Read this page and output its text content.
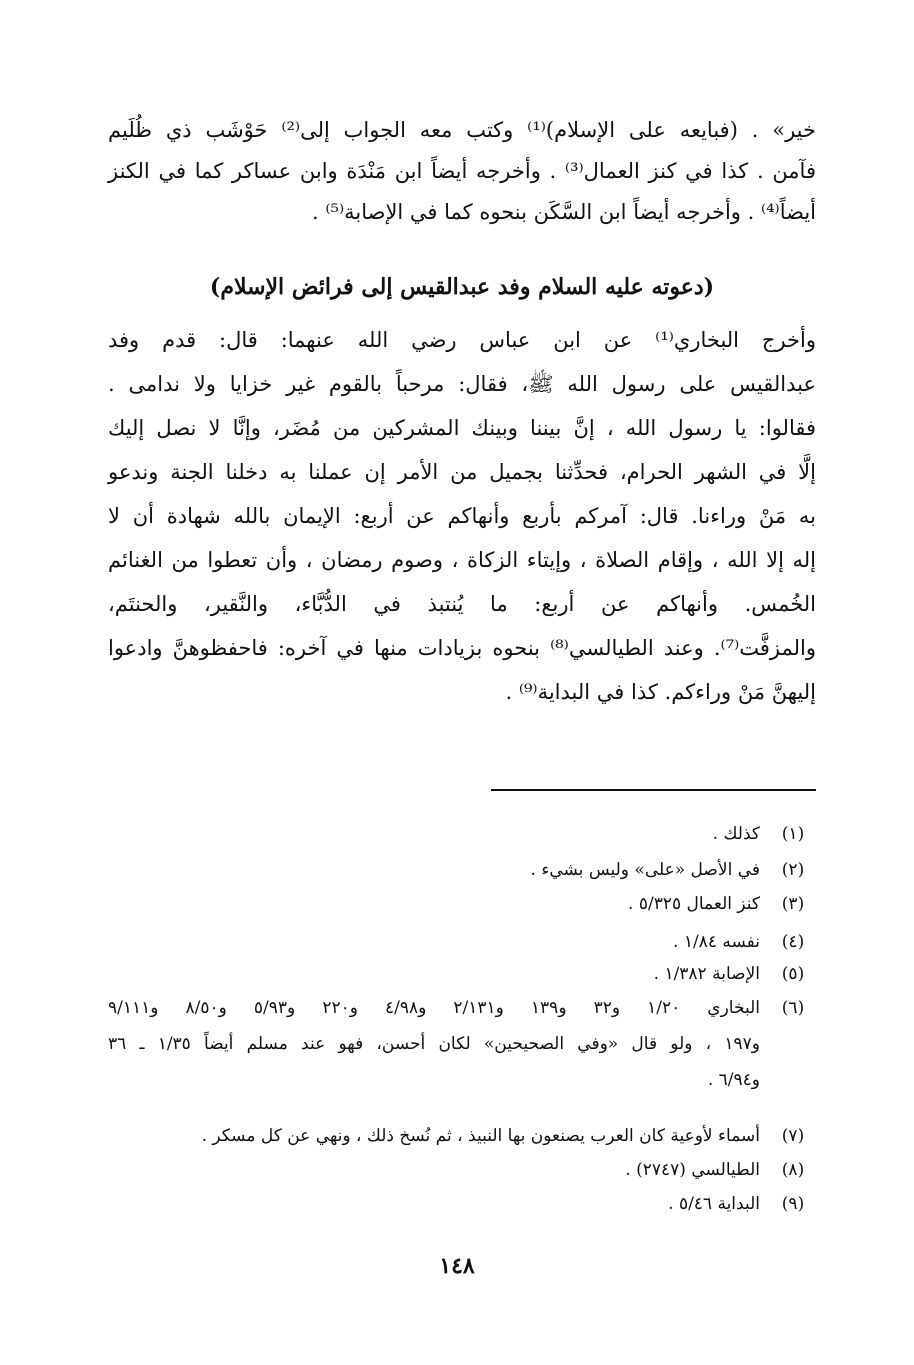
خير» . (فبايعه على الإسلام)⁽¹⁾ وكتب معه الجواب إلى⁽²⁾ حَوْشَب ذي ظُلَيم
فآمن . كذا في كنز العمال⁽³⁾ . وأخرجه أيضاً ابن مَنْدَة وابن عساكر كما في الكنز
أيضاً⁽⁴⁾ . وأخرجه أيضاً ابن السَّكَن بنحوه كما في الإصابة⁽⁵⁾ .
(دعوته عليه السلام وفد عبدالقيس إلى فرائض الإسلام)
وأخرج البخاري⁽¹⁾ عن ابن عباس رضي الله عنهما: قال: قدم وفد
عبدالقيس على رسول الله ﷺ، فقال: مرحباً بالقوم غير خزايا ولا ندامى .
فقالوا: يا رسول الله ، إنَّ بيننا وبينك المشركين من مُضَر، وإنَّا لا نصل إليك
إلَّا في الشهر الحرام، فحدِّثنا بجميل من الأمر إن عملنا به دخلنا الجنة وندعو
به مَنْ وراءنا. قال: آمركم بأربع وأنهاكم عن أربع: الإيمان بالله شهادة أن لا
إله إلا الله ، وإقام الصلاة ، وإيتاء الزكاة ، وصوم رمضان ، وأن تعطوا من الغنائم
الخُمس. وأنهاكم عن أربع: ما يُنتبذ في الدُّبَّاء، والنَّقير، والحنتَم،
والمزفَّت⁽⁷⁾. وعند الطيالسي⁽⁸⁾ بنحوه بزيادات منها في آخره: فاحفظوهنَّ وادعوا
إليهنَّ مَنْ وراءكم. كذا في البداية⁽⁹⁾ .
(١)
كذلك .
(٢)
في الأصل «على» وليس بشيء .
(٣)
كنز العمال ٥/٣٢٥ .
(٤)
نفسه ١/٨٤ .
(٥)
الإصابة ١/٣٨٢ .
(٦)
البخاري ١/٢٠ و٣٢ و١٣٩ و٢/١٣١ و٤/٩٨ و٢٢٠ و٥/٩٣ و٨/٥٠ و٩/١١١
و١٩٧ ، ولو قال «وفي الصحيحين» لكان أحسن، فهو عند مسلم أيضاً ١/٣٥ ـ ٣٦
و٦/٩٤ .
(٧)
أسماء لأوعية كان العرب يصنعون بها النبيذ ، ثم نُسخ ذلك ، ونهي عن كل مسكر .
(٨)
الطيالسي (٢٧٤٧) .
(٩)
البداية ٥/٤٦ .
١٤٨
